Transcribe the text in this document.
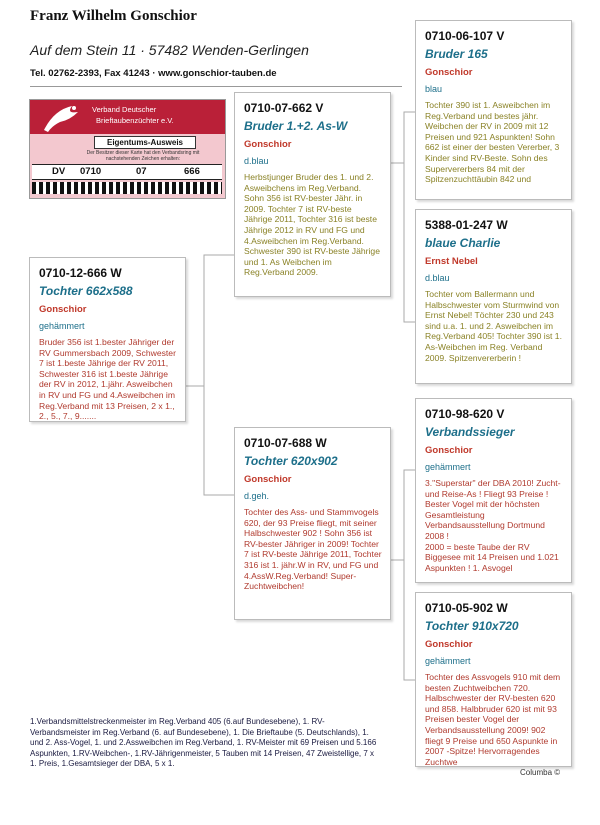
Franz Wilhelm Gonschior
Auf dem Stein 11 · 57482 Wenden-Gerlingen
Tel. 02762-2393, Fax 41243 · www.gonschior-tauben.de
Verband Deutscher
Brieftaubenzüchter e.V.
Eigentums-Ausweis
Der Besitzer dieser Karte hat den Verbandsring mit nachstehenden Zeichen erhalten:
DV 0710	07	666
0710-12-666 W
Tochter 662x588
Gonschior
gehämmert
Bruder 356 ist 1.bester Jähriger der RV Gummersbach 2009, Schwester 7 ist 1.beste Jährige der RV 2011, Schwester 316 ist 1.beste Jährige der RV in 2012, 1.jähr. Asweibchen in RV und FG und 4.Asweibchen im Reg.Verband mit 13 Preisen, 2 x 1., 2., 5., 7., 9.......
0710-07-662 V
Bruder 1.+2. As-W
Gonschior
d.blau
Herbstjunger Bruder des 1. und 2. Asweibchens im Reg.Verband. Sohn 356 ist RV-bester Jähr. in 2009. Tochter 7 ist RV-beste Jährige 2011, Tochter 316 ist beste Jährige 2012 in RV und FG und 4.Asweibchen im Reg.Verband. Schwester 390 ist RV-beste Jährige und 1. As Weibchen im Reg.Verband 2009.
0710-07-688 W
Tochter 620x902
Gonschior
d.geh.
Tochter des Ass- und Stammvogels 620, der 93 Preise fliegt, mit seiner Halbschwester 902 ! Sohn 356 ist RV-bester Jähriger in 2009! Tochter 7 ist RV-beste Jährige 2011, Tochter 316 ist 1. jähr.W in RV, und FG und 4.AssW.Reg.Verband! Super-Zuchtweibchen!
0710-06-107 V
Bruder 165
Gonschior
blau
Tochter 390 ist 1. Asweibchen im Reg.Verband und bestes jähr. Weibchen der RV in 2009 mit 12 Preisen und 921 Aspunkten! Sohn 662 ist einer der besten Vererber, 3 Kinder sind RV-Beste. Sohn des Supervererbers 84 mit der Spitzenzuchttäubin 842 und
5388-01-247 W
blaue Charlie
Ernst Nebel
d.blau
Tochter vom Ballermann und Halbschwester vom Sturmwind von Ernst Nebel! Töchter 230 und 243 sind u.a. 1. und 2. Asweibchen im Reg.Verband 405! Tochter 390 ist 1. As-Weibchen im Reg. Verband 2009. Spitzenvererberin !
0710-98-620 V
Verbandssieger
Gonschior
gehämmert
3."Superstar" der DBA 2010! Zucht- und Reise-As ! Fliegt 93 Preise ! Bester Vogel mit der höchsten Gesamtleistung Verbandsausstellung Dortmund 2008 !
2000 = beste Taube der RV Biggesee mit 14 Preisen und 1.021 Aspunkten ! 1. Asvogel
0710-05-902 W
Tochter 910x720
Gonschior
gehämmert
Tochter des Assvogels 910 mit dem besten Zuchtweibchen 720. Halbschwester der RV-besten 620 und 858. Halbbruder 620 ist mit 93 Preisen bester Vogel der Verbandsausstellung 2009! 902 fliegt 9 Preise und 650 Aspunkte in 2007 -Spitze! Hervorragendes Zuchtwe
1.Verbandsmittelstreckenmeister im Reg.Verband 405 (6.auf Bundesebene), 1. RV-Verbandsmeister im Reg.Verband (6. auf Bundesebene), 1. Die Brieftaube (5. Deutschlands), 1. und 2. Ass-Vogel, 1. und 2.Assweibchen im Reg.Verband, 1. RV-Meister mit 69 Preisen und 5.166 Aspunkten, 1.RV-Weibchen-, 1.RV-Jährigenmeister, 5 Tauben mit 14 Preisen, 47 Zweistellige, 7 x 1. Preis, 1.Gesamtsieger der DBA, 5 x 1.
Columba ©
